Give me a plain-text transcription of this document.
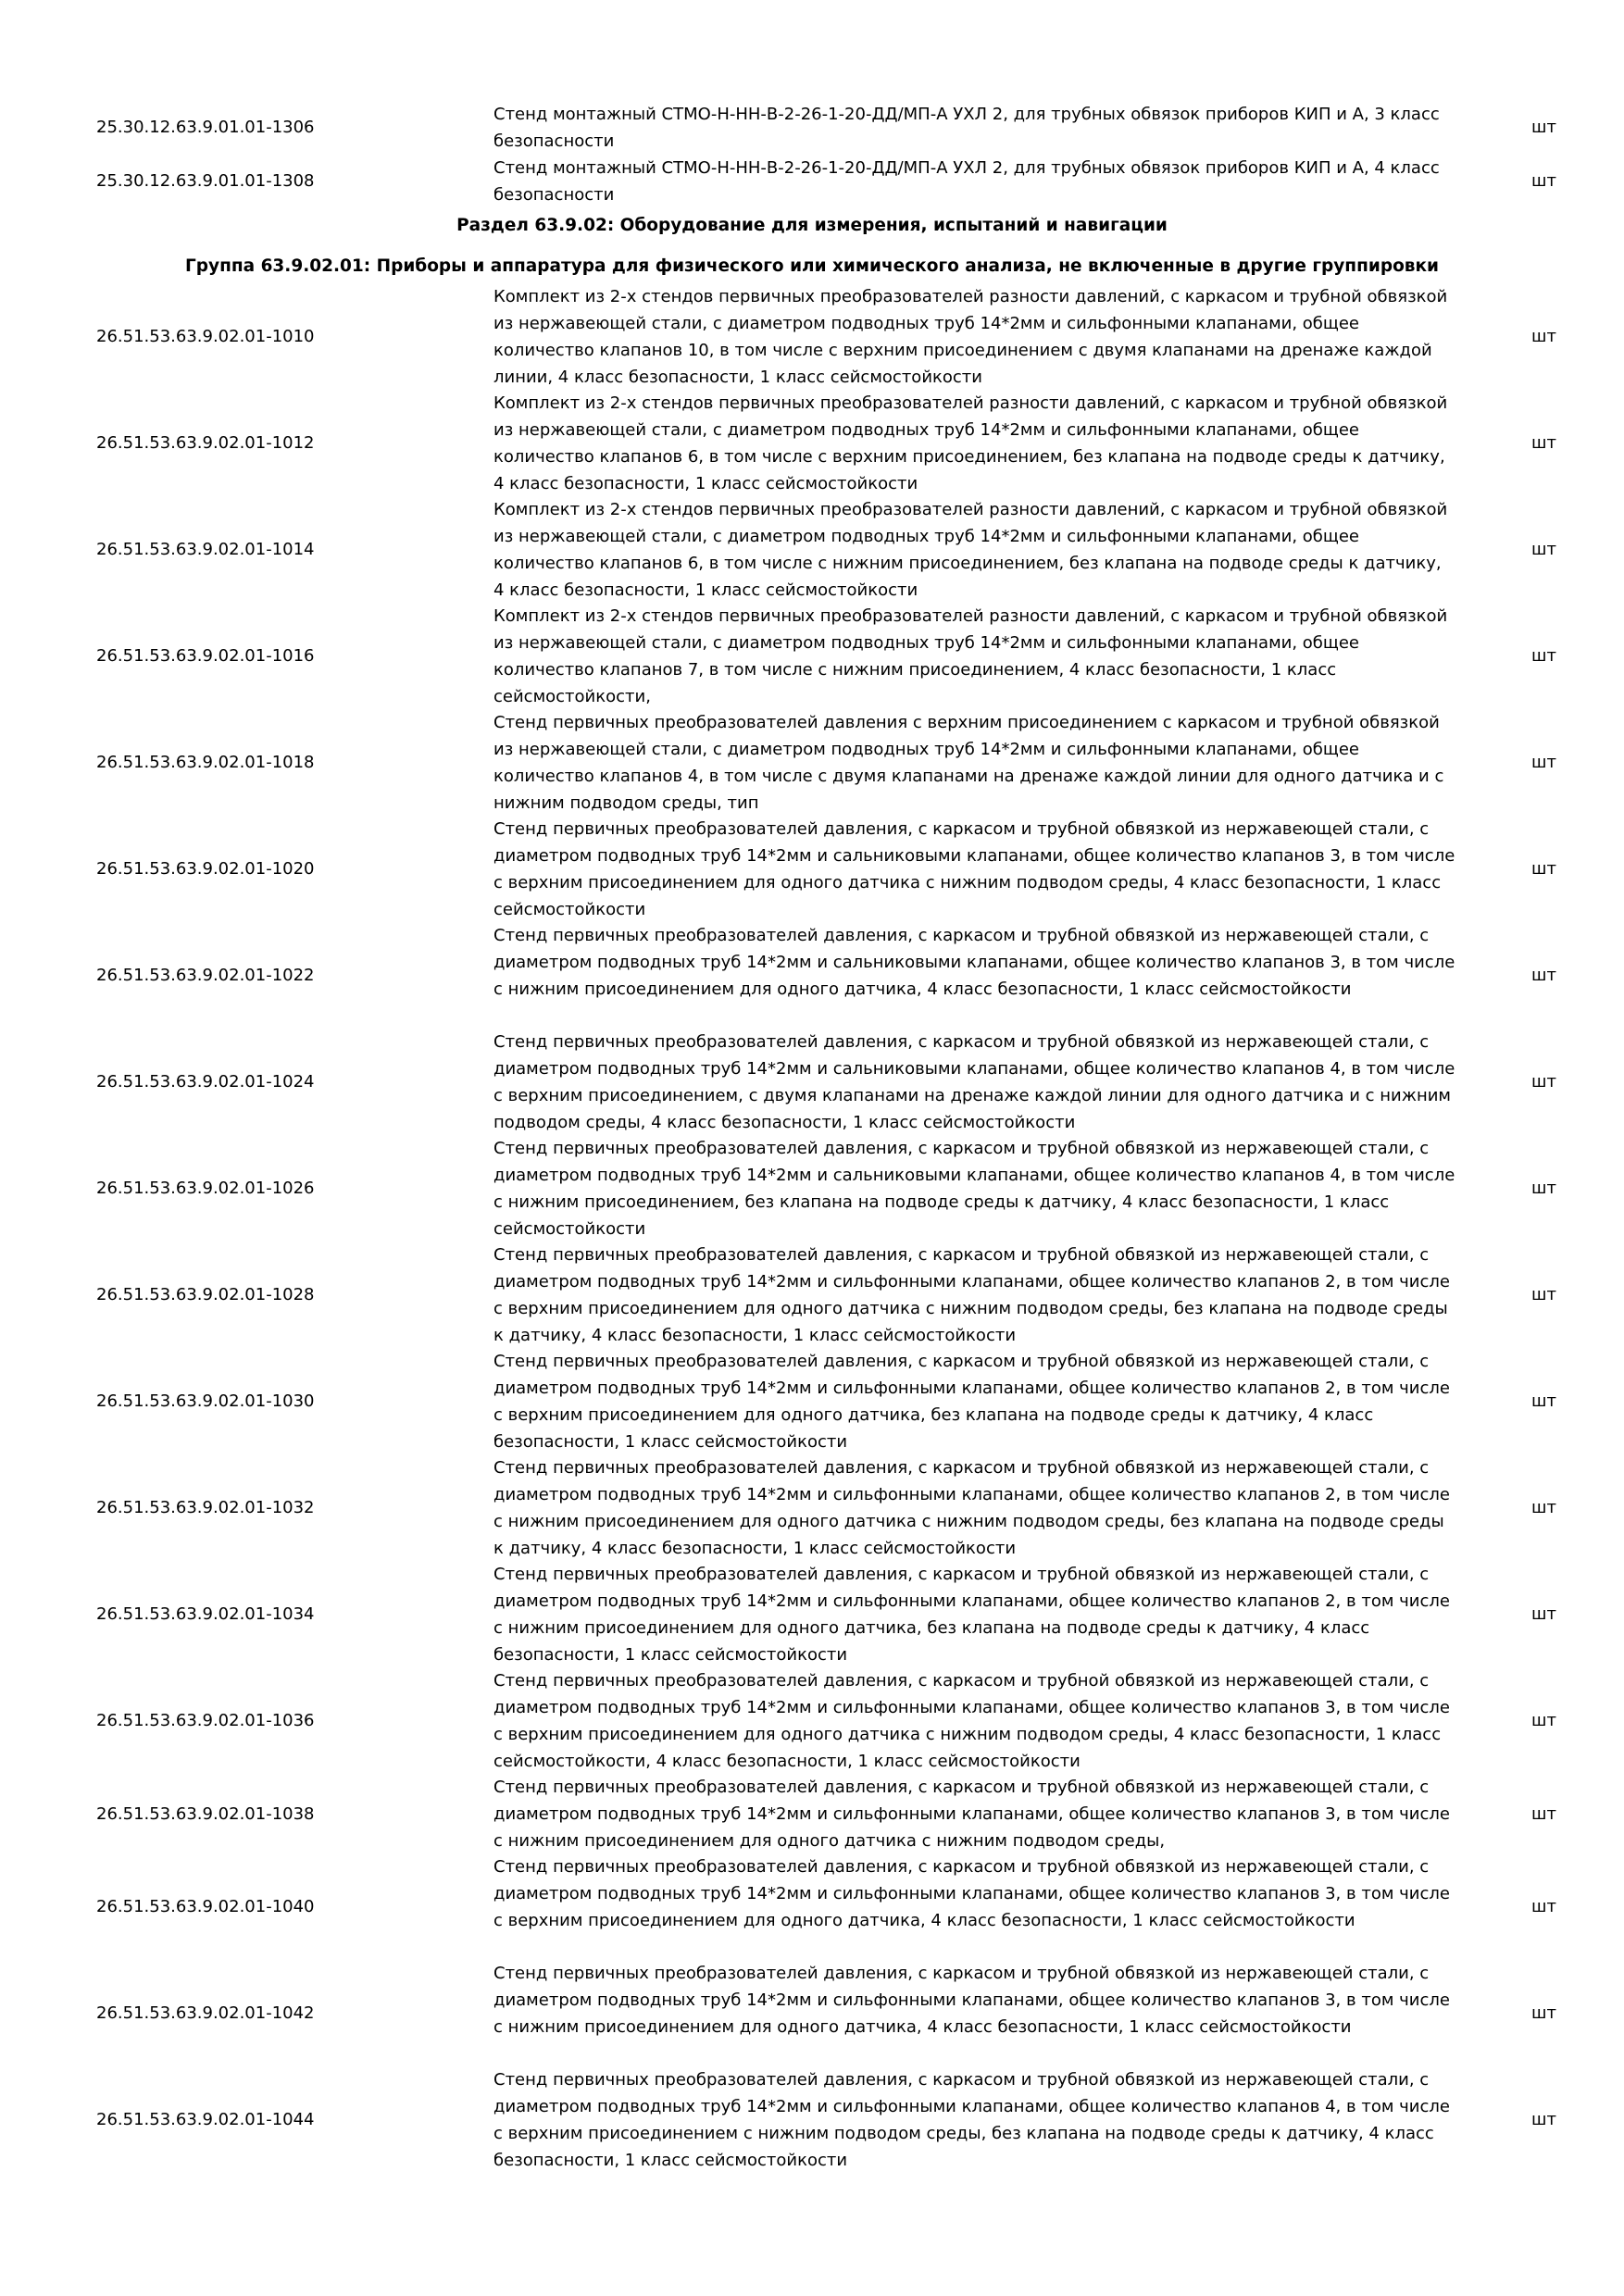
25.30.12.63.9.01.01-1306
Стенд монтажный СТМО-Н-НН-В-2-26-1-20-ДД/МП-А УХЛ 2, для трубных обвязок приборов КИП и А, 3 класс безопасности
шт
25.30.12.63.9.01.01-1308
Стенд монтажный СТМО-Н-НН-В-2-26-1-20-ДД/МП-А УХЛ 2, для трубных обвязок приборов КИП и А, 4 класс безопасности
шт
Раздел 63.9.02: Оборудование для измерения, испытаний и навигации
Группа 63.9.02.01: Приборы и аппаратура для физического или химического анализа, не включенные в другие группировки
26.51.53.63.9.02.01-1010
Комплект из 2-х стендов первичных преобразователей разности давлений, с каркасом и трубной обвязкой из нержавеющей стали, с диаметром подводных труб 14*2мм и сильфонными клапанами, общее количество клапанов 10, в том числе с верхним присоединением с двумя клапанами на дренаже каждой линии, 4 класс безопасности, 1 класс сейсмостойкости
шт
26.51.53.63.9.02.01-1012
Комплект из 2-х стендов первичных преобразователей разности давлений, с каркасом и трубной обвязкой из нержавеющей стали, с диаметром подводных труб 14*2мм и сильфонными клапанами, общее количество клапанов 6, в том числе с верхним присоединением, без клапана на подводе среды к датчику, 4 класс безопасности, 1 класс сейсмостойкости
шт
26.51.53.63.9.02.01-1014
Комплект из 2-х стендов первичных преобразователей разности давлений, с каркасом и трубной обвязкой из нержавеющей стали, с диаметром подводных труб 14*2мм и сильфонными клапанами, общее количество клапанов 6, в том числе с нижним присоединением, без клапана на подводе среды к датчику, 4 класс безопасности, 1 класс сейсмостойкости
шт
26.51.53.63.9.02.01-1016
Комплект из 2-х стендов первичных преобразователей разности давлений, с каркасом и трубной обвязкой из нержавеющей стали, с диаметром подводных труб 14*2мм и сильфонными клапанами, общее количество клапанов 7, в том числе с нижним присоединением, 4 класс безопасности, 1 класс сейсмостойкости,
шт
26.51.53.63.9.02.01-1018
Стенд первичных преобразователей давления с верхним присоединением с каркасом и трубной обвязкой из нержавеющей стали, с диаметром подводных труб 14*2мм и сильфонными клапанами, общее количество клапанов 4, в том числе с двумя клапанами на дренаже каждой линии для одного датчика и с нижним подводом среды, тип
шт
26.51.53.63.9.02.01-1020
Стенд первичных преобразователей давления, с каркасом и трубной обвязкой из нержавеющей стали, с диаметром подводных труб 14*2мм и сальниковыми клапанами, общее количество клапанов 3, в том числе с верхним присоединением для одного датчика с нижним подводом среды, 4 класс безопасности, 1 класс сейсмостойкости
шт
26.51.53.63.9.02.01-1022
Стенд первичных преобразователей давления, с каркасом и трубной обвязкой из нержавеющей стали, с диаметром подводных труб 14*2мм и сальниковыми клапанами, общее количество клапанов 3, в том числе с нижним присоединением для одного датчика, 4 класс безопасности, 1 класс сейсмостойкости
шт
26.51.53.63.9.02.01-1024
Стенд первичных преобразователей давления, с каркасом и трубной обвязкой из нержавеющей стали, с диаметром подводных труб 14*2мм и сальниковыми клапанами, общее количество клапанов 4, в том числе с верхним присоединением, с двумя клапанами на дренаже каждой линии для одного датчика и с нижним подводом среды, 4 класс безопасности, 1 класс сейсмостойкости
шт
26.51.53.63.9.02.01-1026
Стенд первичных преобразователей давления, с каркасом и трубной обвязкой из нержавеющей стали, с диаметром подводных труб 14*2мм и сальниковыми клапанами, общее количество клапанов 4, в том числе с нижним присоединением, без клапана на подводе среды к датчику, 4 класс безопасности, 1 класс сейсмостойкости
шт
26.51.53.63.9.02.01-1028
Стенд первичных преобразователей давления, с каркасом и трубной обвязкой из нержавеющей стали, с диаметром подводных труб 14*2мм и сильфонными клапанами, общее количество клапанов 2, в том числе с верхним присоединением для одного датчика с нижним подводом среды, без клапана на подводе среды к датчику, 4 класс безопасности, 1 класс сейсмостойкости
шт
26.51.53.63.9.02.01-1030
Стенд первичных преобразователей давления, с каркасом и трубной обвязкой из нержавеющей стали, с диаметром подводных труб 14*2мм и сильфонными клапанами, общее количество клапанов 2, в том числе с верхним присоединением для одного датчика, без клапана на подводе среды к датчику, 4 класс безопасности, 1 класс сейсмостойкости
шт
26.51.53.63.9.02.01-1032
Стенд первичных преобразователей давления, с каркасом и трубной обвязкой из нержавеющей стали, с диаметром подводных труб 14*2мм и сильфонными клапанами, общее количество клапанов 2, в том числе с нижним присоединением для одного датчика с нижним подводом среды, без клапана на подводе среды к датчику, 4 класс безопасности, 1 класс сейсмостойкости
шт
26.51.53.63.9.02.01-1034
Стенд первичных преобразователей давления, с каркасом и трубной обвязкой из нержавеющей стали, с диаметром подводных труб 14*2мм и сильфонными клапанами, общее количество клапанов 2, в том числе с нижним присоединением для одного датчика, без клапана на подводе среды к датчику, 4 класс безопасности, 1 класс сейсмостойкости
шт
26.51.53.63.9.02.01-1036
Стенд первичных преобразователей давления, с каркасом и трубной обвязкой из нержавеющей стали, с диаметром подводных труб 14*2мм и сильфонными клапанами, общее количество клапанов 3, в том числе с верхним присоединением для одного датчика с нижним подводом среды, 4 класс безопасности, 1 класс сейсмостойкости, 4 класс безопасности, 1 класс сейсмостойкости
шт
26.51.53.63.9.02.01-1038
Стенд первичных преобразователей давления, с каркасом и трубной обвязкой из нержавеющей стали, с диаметром подводных труб 14*2мм и сильфонными клапанами, общее количество клапанов 3, в том числе с нижним присоединением для одного датчика с нижним подводом среды,
шт
26.51.53.63.9.02.01-1040
Стенд первичных преобразователей давления, с каркасом и трубной обвязкой из нержавеющей стали, с диаметром подводных труб 14*2мм и сильфонными клапанами, общее количество клапанов 3, в том числе с верхним присоединением для одного датчика, 4 класс безопасности, 1 класс сейсмостойкости
шт
26.51.53.63.9.02.01-1042
Стенд первичных преобразователей давления, с каркасом и трубной обвязкой из нержавеющей стали, с диаметром подводных труб 14*2мм и сильфонными клапанами, общее количество клапанов 3, в том числе с нижним присоединением для одного датчика, 4 класс безопасности, 1 класс сейсмостойкости
шт
26.51.53.63.9.02.01-1044
Стенд первичных преобразователей давления, с каркасом и трубной обвязкой из нержавеющей стали, с диаметром подводных труб 14*2мм и сильфонными клапанами, общее количество клапанов 4, в том числе с верхним присоединением с нижним подводом среды, без клапана на подводе среды к датчику, 4 класс безопасности, 1 класс сейсмостойкости
шт
